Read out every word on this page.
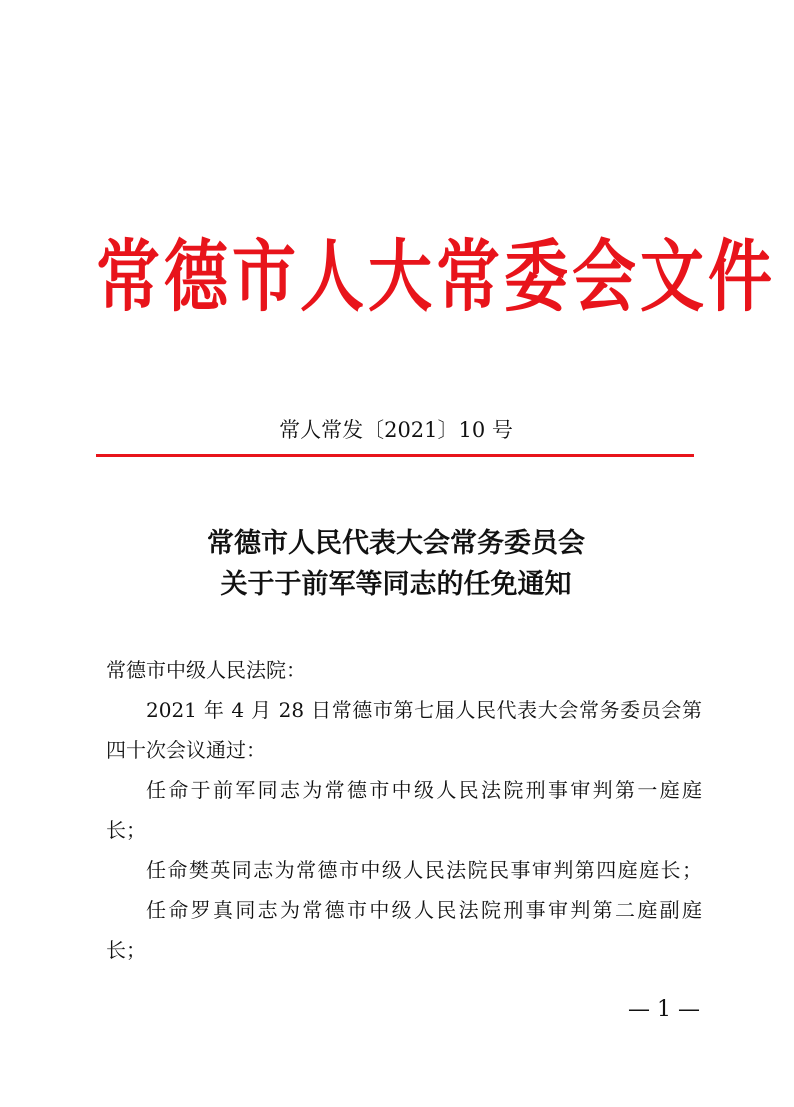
常德市人大常委会文件
常人常发〔2021〕10 号
常德市人民代表大会常务委员会
关于于前军等同志的任免通知
常德市中级人民法院：
2021 年 4 月 28 日常德市第七届人民代表大会常务委员会第
四十次会议通过：
任命于前军同志为常德市中级人民法院刑事审判第一庭庭
长；
任命樊英同志为常德市中级人民法院民事审判第四庭庭长；
任命罗真同志为常德市中级人民法院刑事审判第二庭副庭
长；
— 1 —
